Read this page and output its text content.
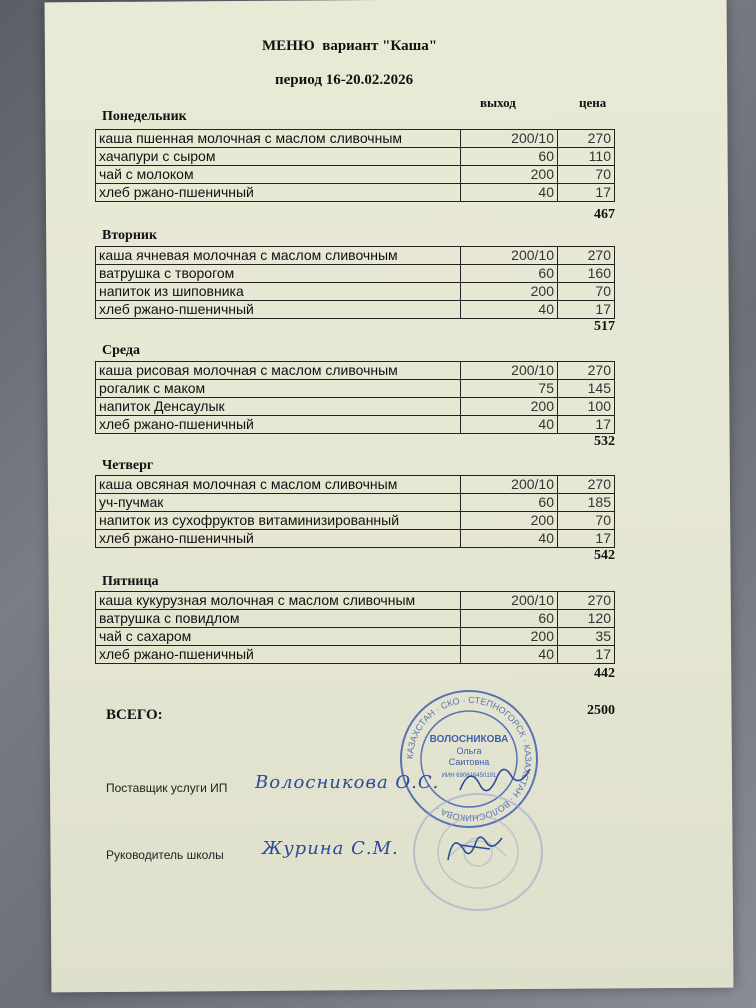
МЕНЮ  вариант "Каша"
период 16-20.02.2026
выход	цена
Понедельник
каша пшенная молочная с маслом сливочным	200/10	270
хачапури с сыром	60	110
чай с молоком	200	70
хлеб ржано-пшеничный	40	17
467
Вторник
каша ячневая молочная с маслом сливочным	200/10	270
ватрушка с творогом	60	160
напиток из шиповника	200	70
хлеб ржано-пшеничный	40	17
517
Среда
каша рисовая молочная с маслом сливочным	200/10	270
рогалик с маком	75	145
напиток Денсаулык	200	100
хлеб ржано-пшеничный	40	17
532
Четверг
каша овсяная молочная с маслом сливочным	200/10	270
уч-пучмак	60	185
напиток из сухофруктов витаминизированный	200	70
хлеб ржано-пшеничный	40	17
542
Пятница
каша кукурузная молочная с маслом сливочным	200/10	270
ватрушка с повидлом	60	120
чай с сахаром	200	35
хлеб ржано-пшеничный	40	17
442
ВСЕГО:	2500
КАЗАХСТАН · СКО · СТЕПНОГОРСК · КАЗАХСТАН · ВОЛОСНИКОВА ·
ВОЛОСНИКОВА
Ольга
Саитовна
ИИН 690616450191
Поставщик услуги ИП Волосникова О.С.
Руководитель школы Журина С.М.
